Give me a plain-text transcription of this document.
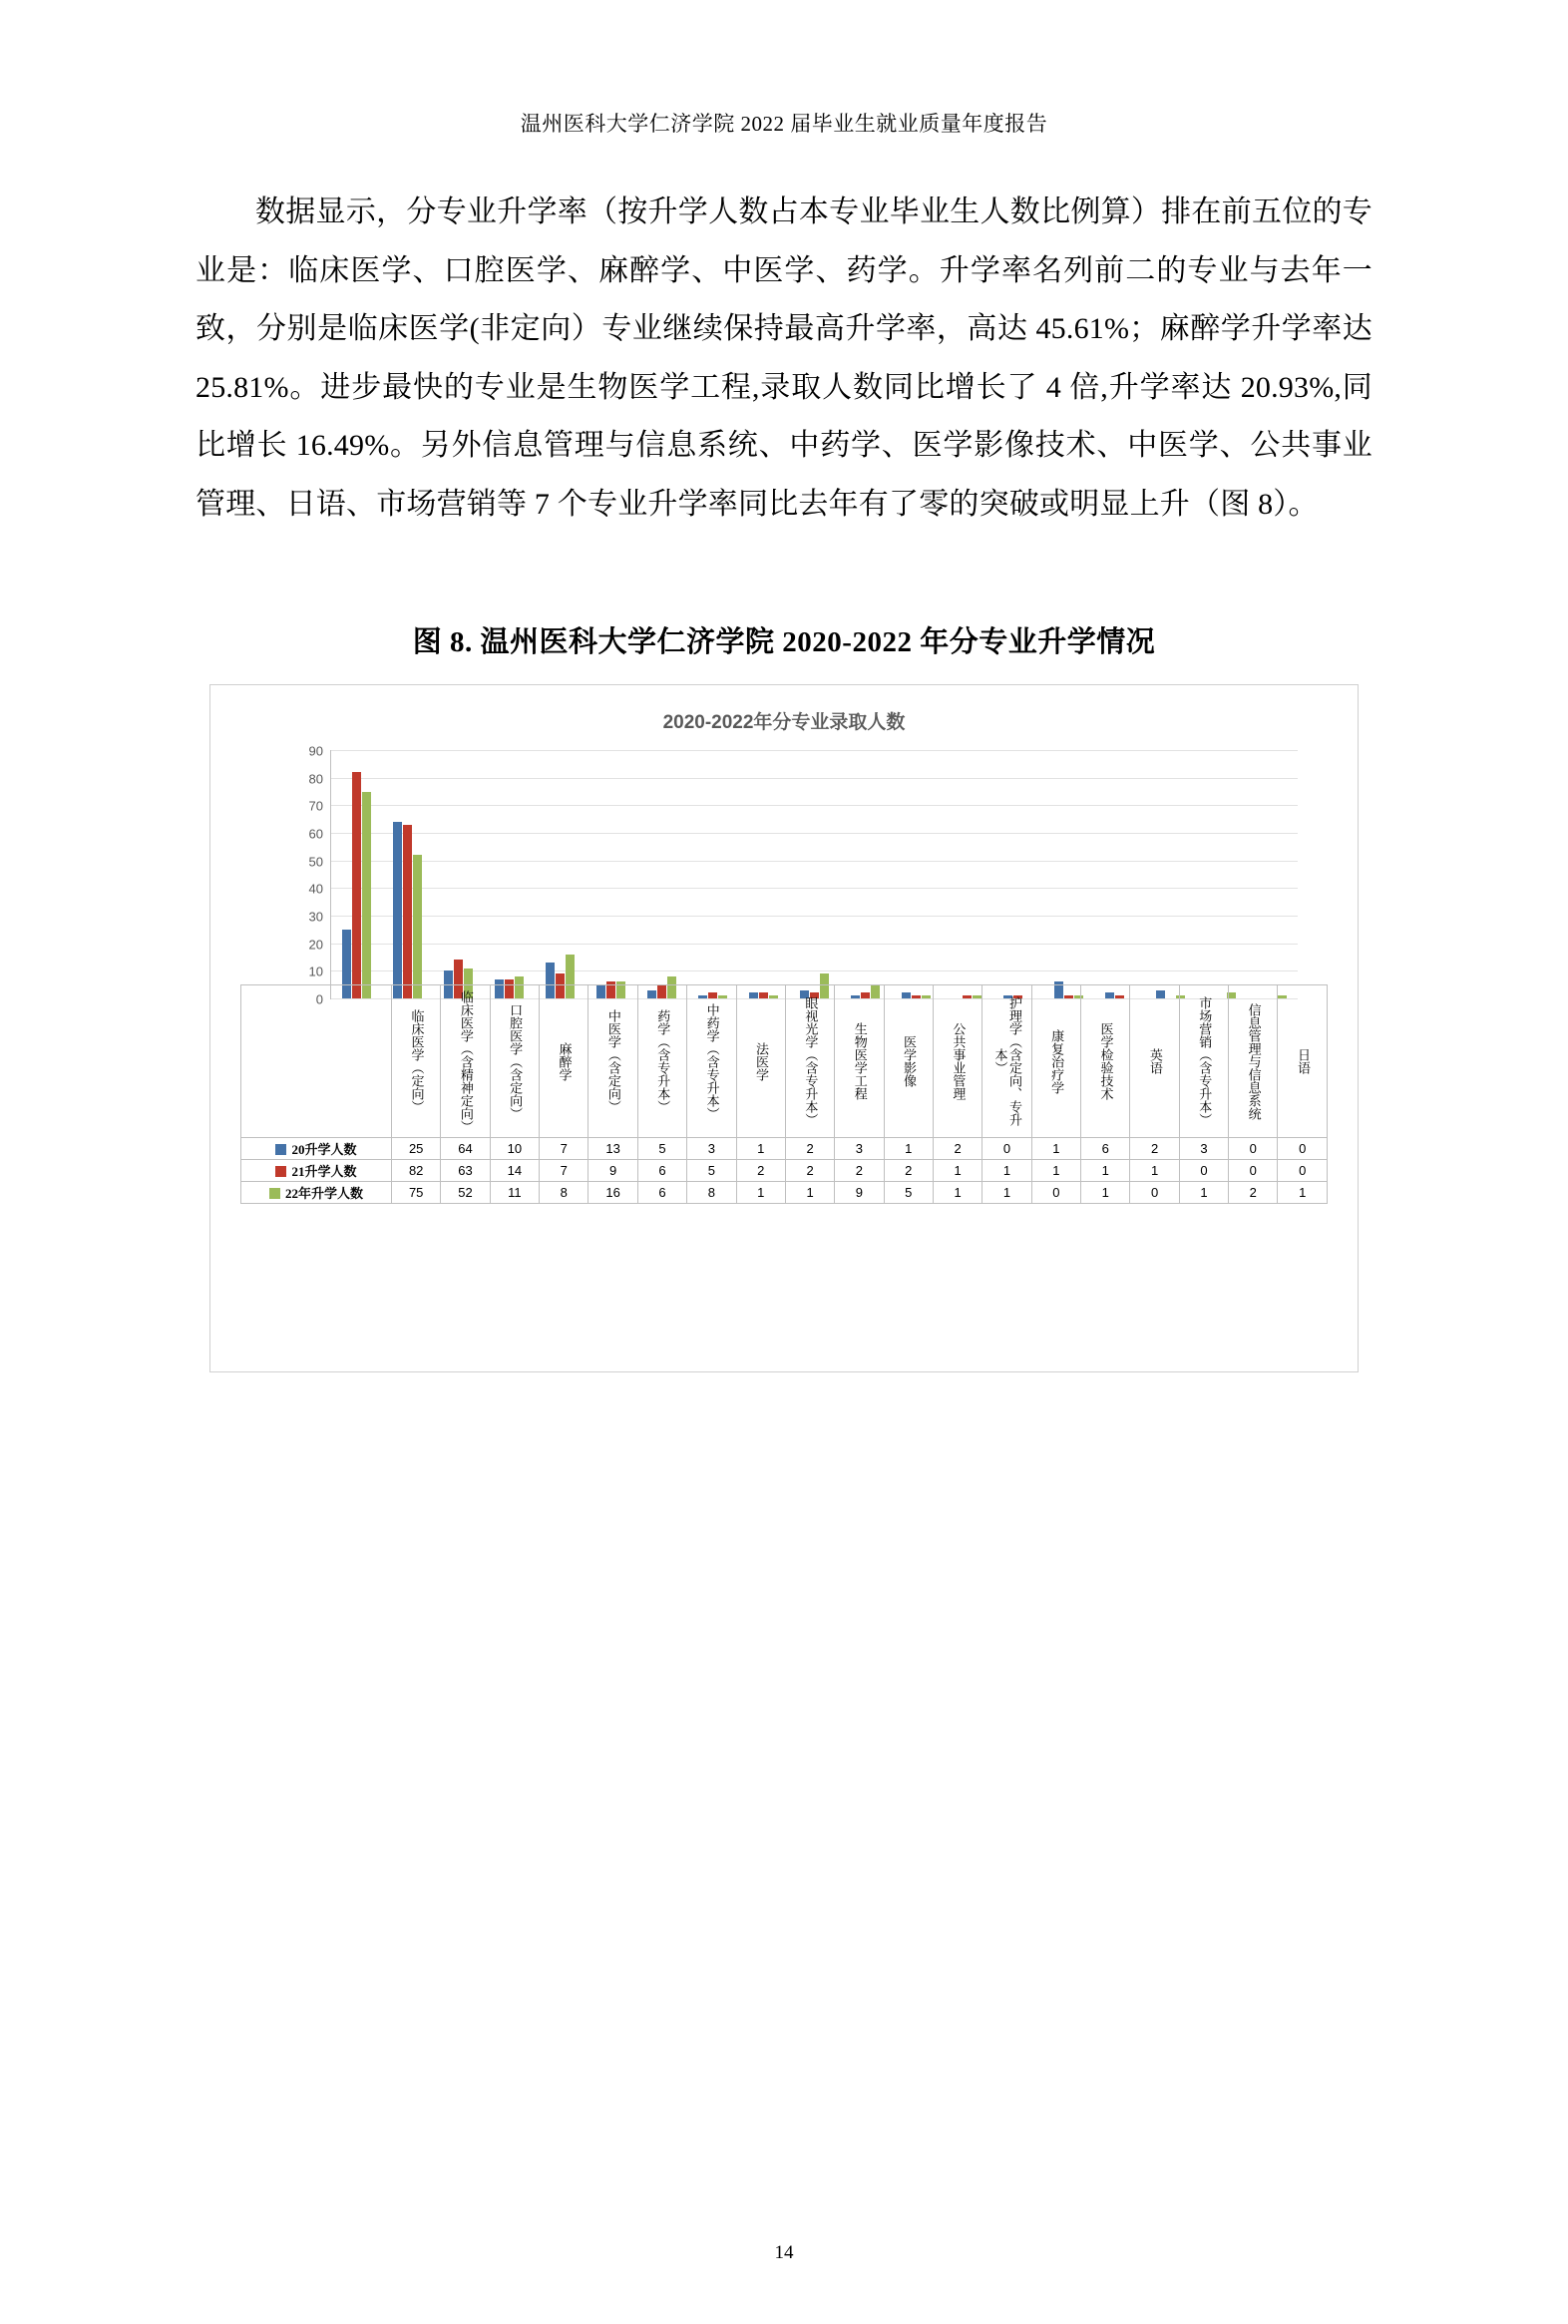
温州医科大学仁济学院 2022 届毕业生就业质量年度报告

数据显示，分专业升学率（按升学人数占本专业毕业生人数比例算）排在前五位的专业是：临床医学、口腔医学、麻醉学、中医学、药学。升学率名列前二的专业与去年一致，分别是临床医学(非定向）专业继续保持最高升学率，高达 45.61%；麻醉学升学率达 25.81%。进步最快的专业是生物医学工程,录取人数同比增长了 4 倍,升学率达 20.93%,同比增长 16.49%。另外信息管理与信息系统、中药学、医学影像技术、中医学、公共事业管理、日语、市场营销等 7 个专业升学率同比去年有了零的突破或明显上升（图 8）。

图 8. 温州医科大学仁济学院 2020-2022 年分专业升学情况
2020-2022年分专业录取人数
0
10
20
30
40
50
60
70
80
90
	临床医学（定向）	临床医学（含精神定向）	口腔医学（含定向）	麻醉学	中医学（含定向）	药学（含专升本）	中药学（含专升本）	法医学	眼视光学（含专升本）	生物医学工程	医学影像	公共事业管理	护理学（含定向、专升本）	康复治疗学	医学检验技术	英语	市场营销（含专升本）	信息管理与信息系统	日语
20升学人数	25	64	10	7	13	5	3	1	2	3	1	2	0	1	6	2	3	0	0
21升学人数	82	63	14	7	9	6	5	2	2	2	2	1	1	1	1	1	0	0	0
22年升学人数	75	52	11	8	16	6	8	1	1	9	5	1	1	0	1	0	1	2	1
14
